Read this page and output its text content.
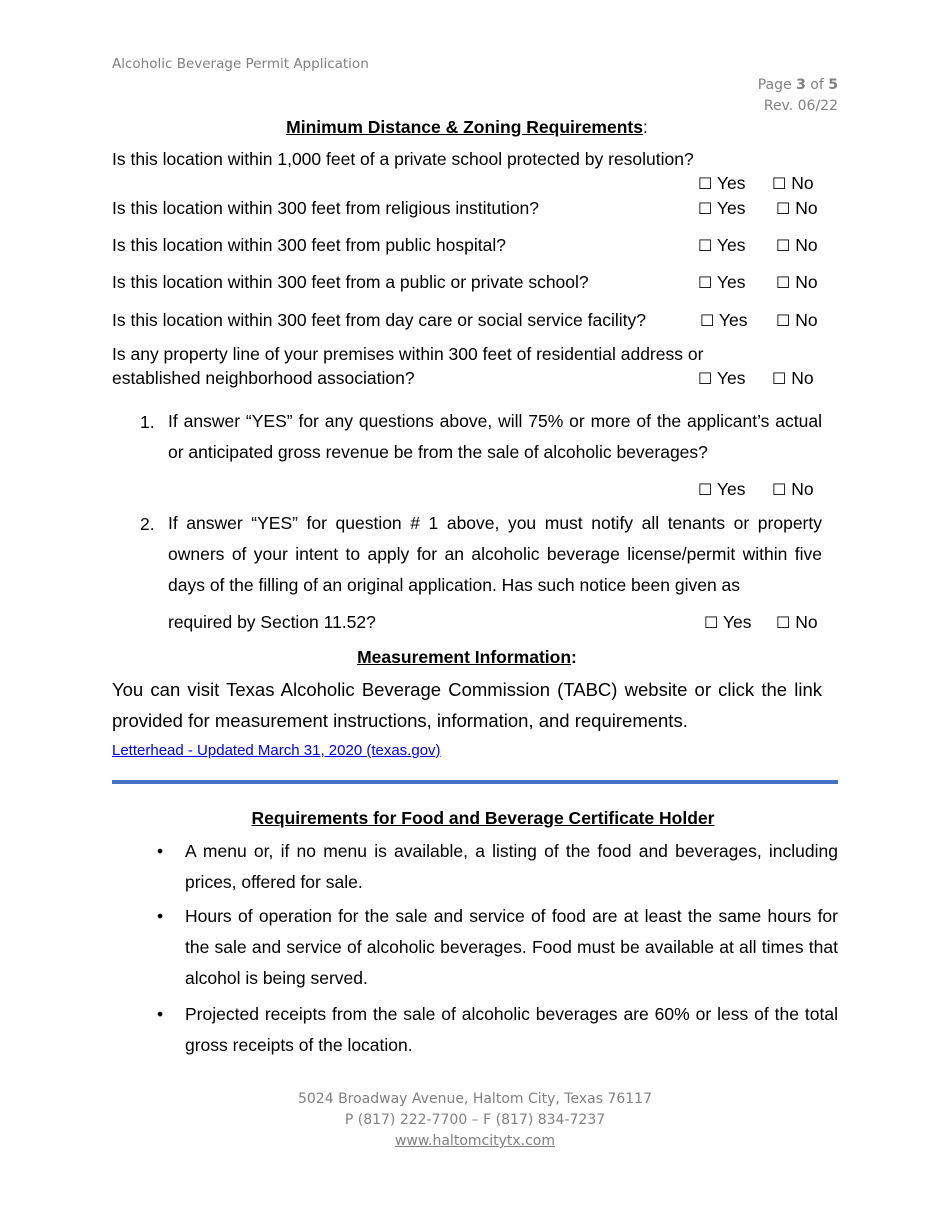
Alcoholic Beverage Permit Application
Page 3 of 5
Rev. 06/22
Minimum Distance & Zoning Requirements:
Is this location within 1,000 feet of a private school protected by resolution?
☐ Yes ☐ No
Is this location within 300 feet from religious institution?	☐ Yes ☐ No
Is this location within 300 feet from public hospital?	☐ Yes ☐ No
Is this location within 300 feet from a public or private school?	☐ Yes ☐ No
Is this location within 300 feet from day care or social service facility?	☐ Yes ☐ No
Is any property line of your premises within 300 feet of residential address or
established neighborhood association?	☐ Yes ☐ No
1. If answer “YES” for any questions above, will 75% or more of the applicant’s actual or anticipated gross revenue be from the sale of alcoholic beverages?
☐ Yes ☐ No
2. If answer “YES” for question # 1 above, you must notify all tenants or property owners of your intent to apply for an alcoholic beverage license/permit within five days of the filling of an original application. Has such notice been given as
required by Section 11.52?	☐ Yes ☐ No
Measurement Information:
You can visit Texas Alcoholic Beverage Commission (TABC) website or click the link provided for measurement instructions, information, and requirements.
Letterhead - Updated March 31, 2020 (texas.gov)
Requirements for Food and Beverage Certificate Holder
• A menu or, if no menu is available, a listing of the food and beverages, including prices, offered for sale.
• Hours of operation for the sale and service of food are at least the same hours for the sale and service of alcoholic beverages. Food must be available at all times that alcohol is being served.
• Projected receipts from the sale of alcoholic beverages are 60% or less of the total gross receipts of the location.
5024 Broadway Avenue, Haltom City, Texas 76117
P (817) 222-7700 – F (817) 834-7237
www.haltomcitytx.com
